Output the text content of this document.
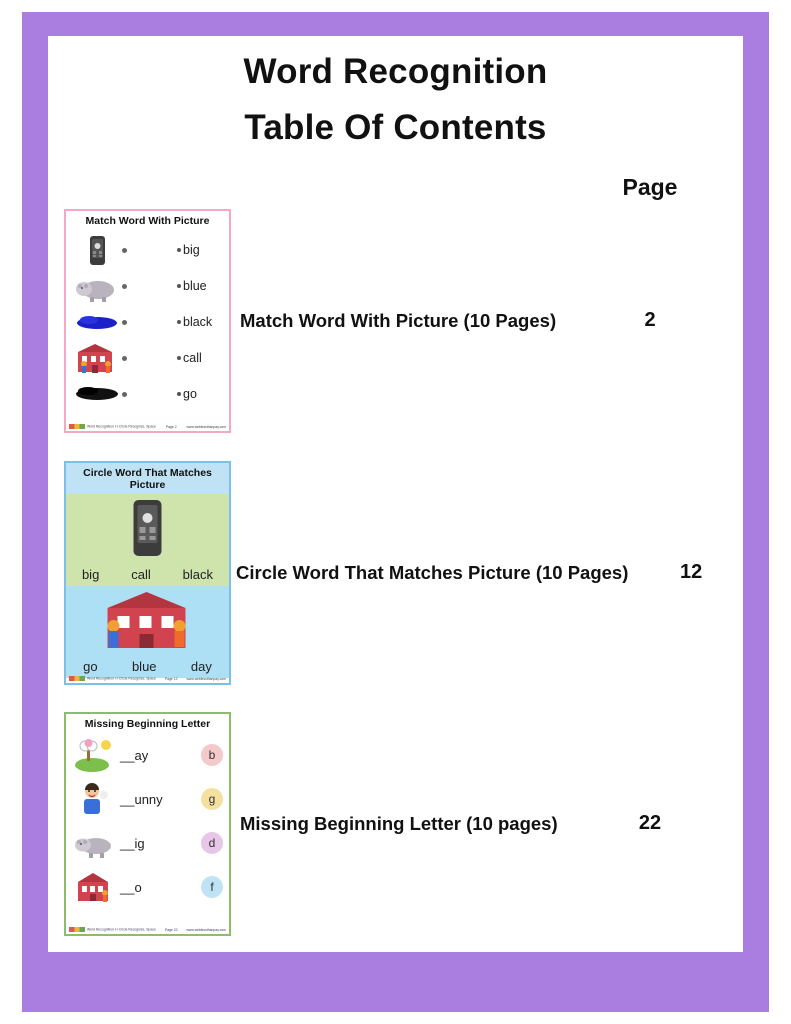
Word Recognition
Table Of Contents
Page
Match Word With Picture
big
blue
black
call
go
Word Recognition I-I Circle Recognize, Space	Page 2	www.weblessthanpay.com
Match Word With Picture (10 Pages)	2
Circle Word That Matches Picture
big call black
go	blue	day
Word Recognition I-I Circle Recognize, Space	Page 12	www.weblessthanpay.com
Circle Word That Matches Picture (10 Pages)	12
Missing Beginning Letter
__ay	b
__unny	g
__ig	d
__o	f
Word Recognition I-I Circle Recognize, Space	Page 22	www.weblessthanpay.com
Missing Beginning Letter (10 pages)	22
